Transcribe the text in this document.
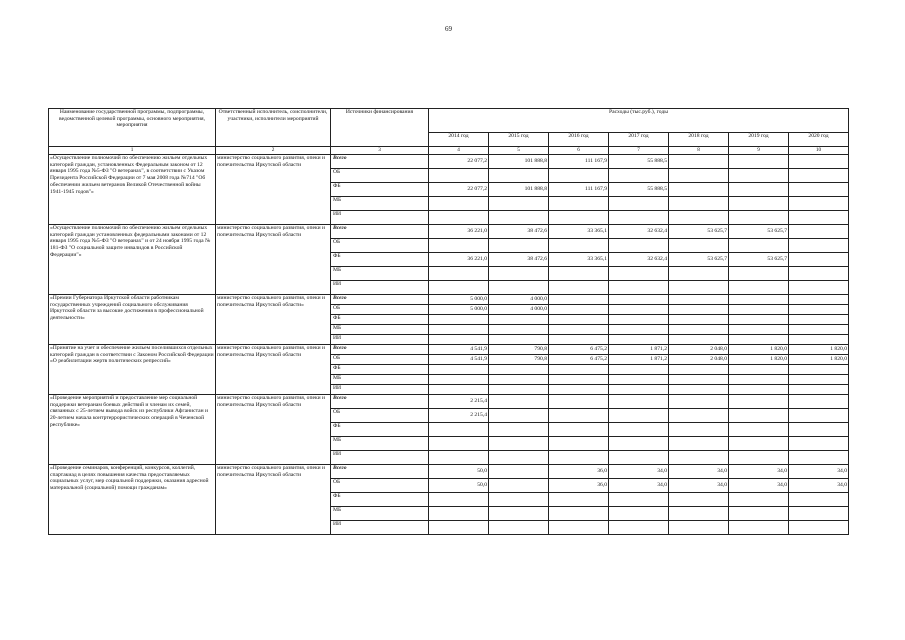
69
Наименование государственной программы, подпрограммы, ведомственной целевой программы, основного мероприятия, мероприятия	Ответственный исполнитель, соисполнители, участники, исполнители мероприятий	Источники финансирования	Расходы (тыс.руб.), годы						
			2014 год	2015 год	2016 год	2017 год	2018 год	2019 год	2020 год
1	2	3	4	5	6	7	8	9	10
«Осуществление полномочий по обеспечению жильем отдельных категорий граждан, установленных Федеральным законом от 12 января 1995 года №5-ФЗ "О ветеранах", в соответствии с Указом Президента Российской Федерации от 7 мая 2008 года №714 "Об обеспечении жильем ветеранов Великой Отечественной войны 1941-1945 годов"»	министерство социального развития, опеки и попечительства Иркутской области	Всего	22 077,2	101 888,8	111 167,9	55 888,5			
		ОБ							
		ФБ	22 077,2	101 888,8	111 167,9	55 888,5			
		МБ							
		ИИ							
«Осуществление полномочий по обеспечению жильем отдельных категорий граждан установленных федеральными законами от 12 января 1995 года №5-ФЗ "О ветеранах" и от 24 ноября 1995 года № 181-ФЗ "О социальной защите инвалидов в Российской Федерации"»	министерство социального развития, опеки и попечительства Иркутской области	Всего	36 221,0	38 472,6	33 365,1	32 632,4	53 625,7	53 625,7	
		ОБ							
		ФБ	36 221,0	38 472,6	33 365,1	32 632,4	53 625,7	53 625,7	
		МБ							
		ИИ							
«Премии Губернатора Иркутской области работникам государственных учреждений социального обслуживания Иркутской области за высокие достижения в профессиональной деятельности»	министерство социального развития, опеки и попечительства Иркутской области»	Всего	5 000,0	4 000,0					
		ОБ	5 000,0	4 000,0					
		ФБ							
		МБ							
		ИИ							
«Принятие на учет и обеспечение жильем поселившихся отдельных категорий граждан в соответствии с Законом Российской Федерации «О реабилитации жертв политических репрессий»	министерство социального развития, опеки и попечительства Иркутской области	Всего	4 541,9	790,8	6 475,2	1 871,2	2 048,0	1 820,0	1 820,0
		ОБ	4 541,9	790,8	6 475,2	1 871,2	2 048,0	1 820,0	1 820,0
		ФБ							
		МБ							
		ИИ							
«Проведение мероприятий и предоставление мер социальной поддержки ветеранам боевых действий и членам их семей, связанных с 25-летием вывода войск из республики Афганистан и 20-летием начала контртеррористических операций в Чеченской республике»	министерство социального развития, опеки и попечительства Иркутской области	Всего	2 215,4						
		ОБ	2 215,4						
		ФБ							
		МБ							
		ИИ							
«Проведение семинаров, конференций, конкурсов, коллегий, спартакиад в целях повышения качества предоставляемых социальных услуг, мер социальной поддержки, оказания адресной материальной (социальной) помощи гражданам»	министерство социального развития, опеки и попечительства Иркутской области	Всего	50,0		36,0	34,0	34,0	34,0	34,0
		ОБ	50,0		36,0	34,0	34,0	34,0	34,0
		ФБ							
		МБ							
		ИИ							
